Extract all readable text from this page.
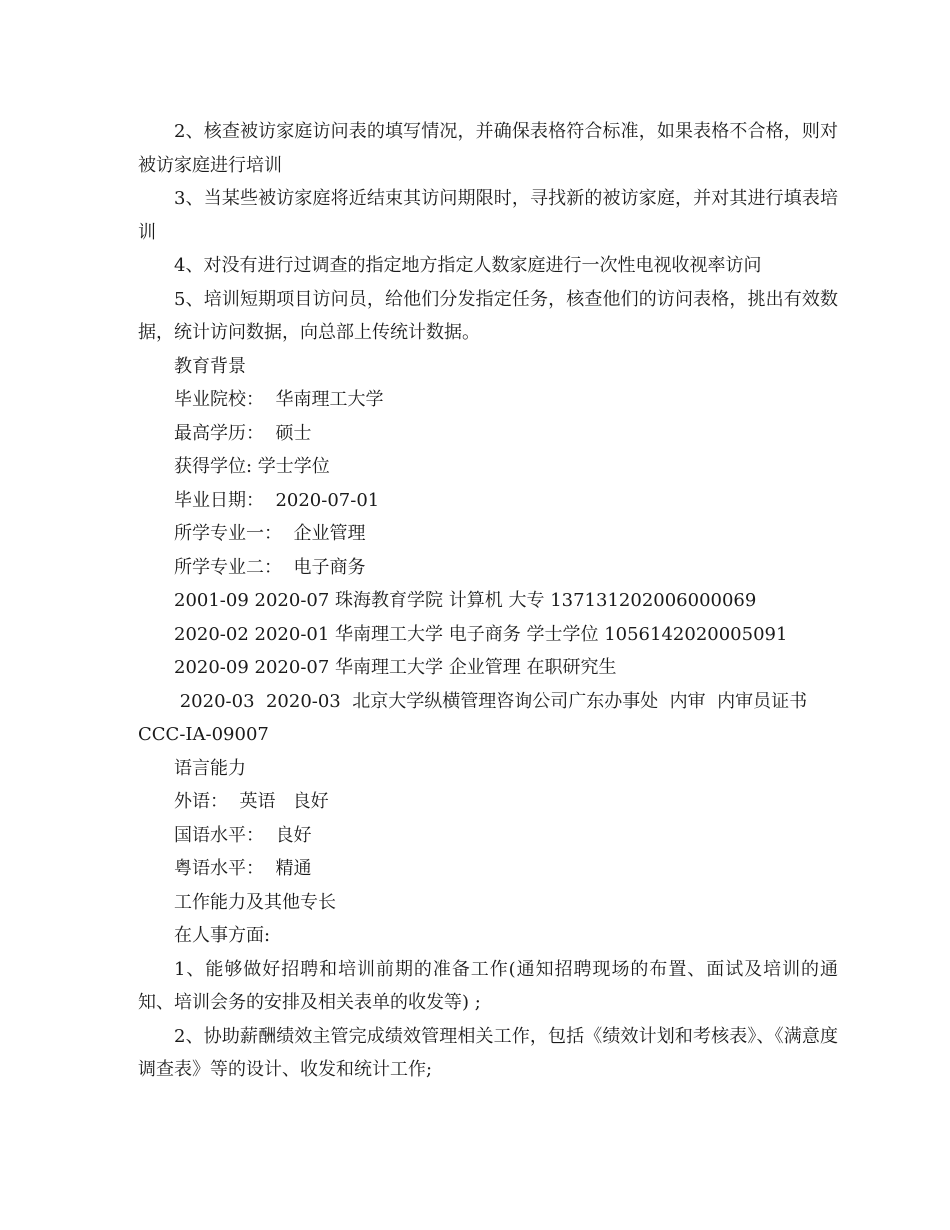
2、核查被访家庭访问表的填写情况，并确保表格符合标准，如果表格不合格，则对被访家庭进行培训

3、当某些被访家庭将近结束其访问期限时，寻找新的被访家庭，并对其进行填表培训

4、对没有进行过调查的指定地方指定人数家庭进行一次性电视收视率访问

5、培训短期项目访问员，给他们分发指定任务，核查他们的访问表格，挑出有效数据，统计访问数据，向总部上传统计数据。

教育背景

毕业院校：  华南理工大学

最高学历：  硕士

获得学位: 学士学位

毕业日期：  2020-07-01

所学专业一：  企业管理

所学专业二：  电子商务

2001-09 2020-07 珠海教育学院 计算机 大专 137131202006000069

2020-02 2020-01 华南理工大学 电子商务 学士学位 1056142020005091

2020-09 2020-07 华南理工大学 企业管理 在职研究生

2020-03  2020-03  北京大学纵横管理咨询公司广东办事处  内审  内审员证书

CCC-IA-09007

语言能力

外语：  英语   良好

国语水平：  良好

粤语水平：  精通

工作能力及其他专长

在人事方面:

1、能够做好招聘和培训前期的准备工作(通知招聘现场的布置、面试及培训的通知、培训会务的安排及相关表单的收发等) ;

2、协助薪酬绩效主管完成绩效管理相关工作，包括《绩效计划和考核表》、《满意度调查表》等的设计、收发和统计工作;
